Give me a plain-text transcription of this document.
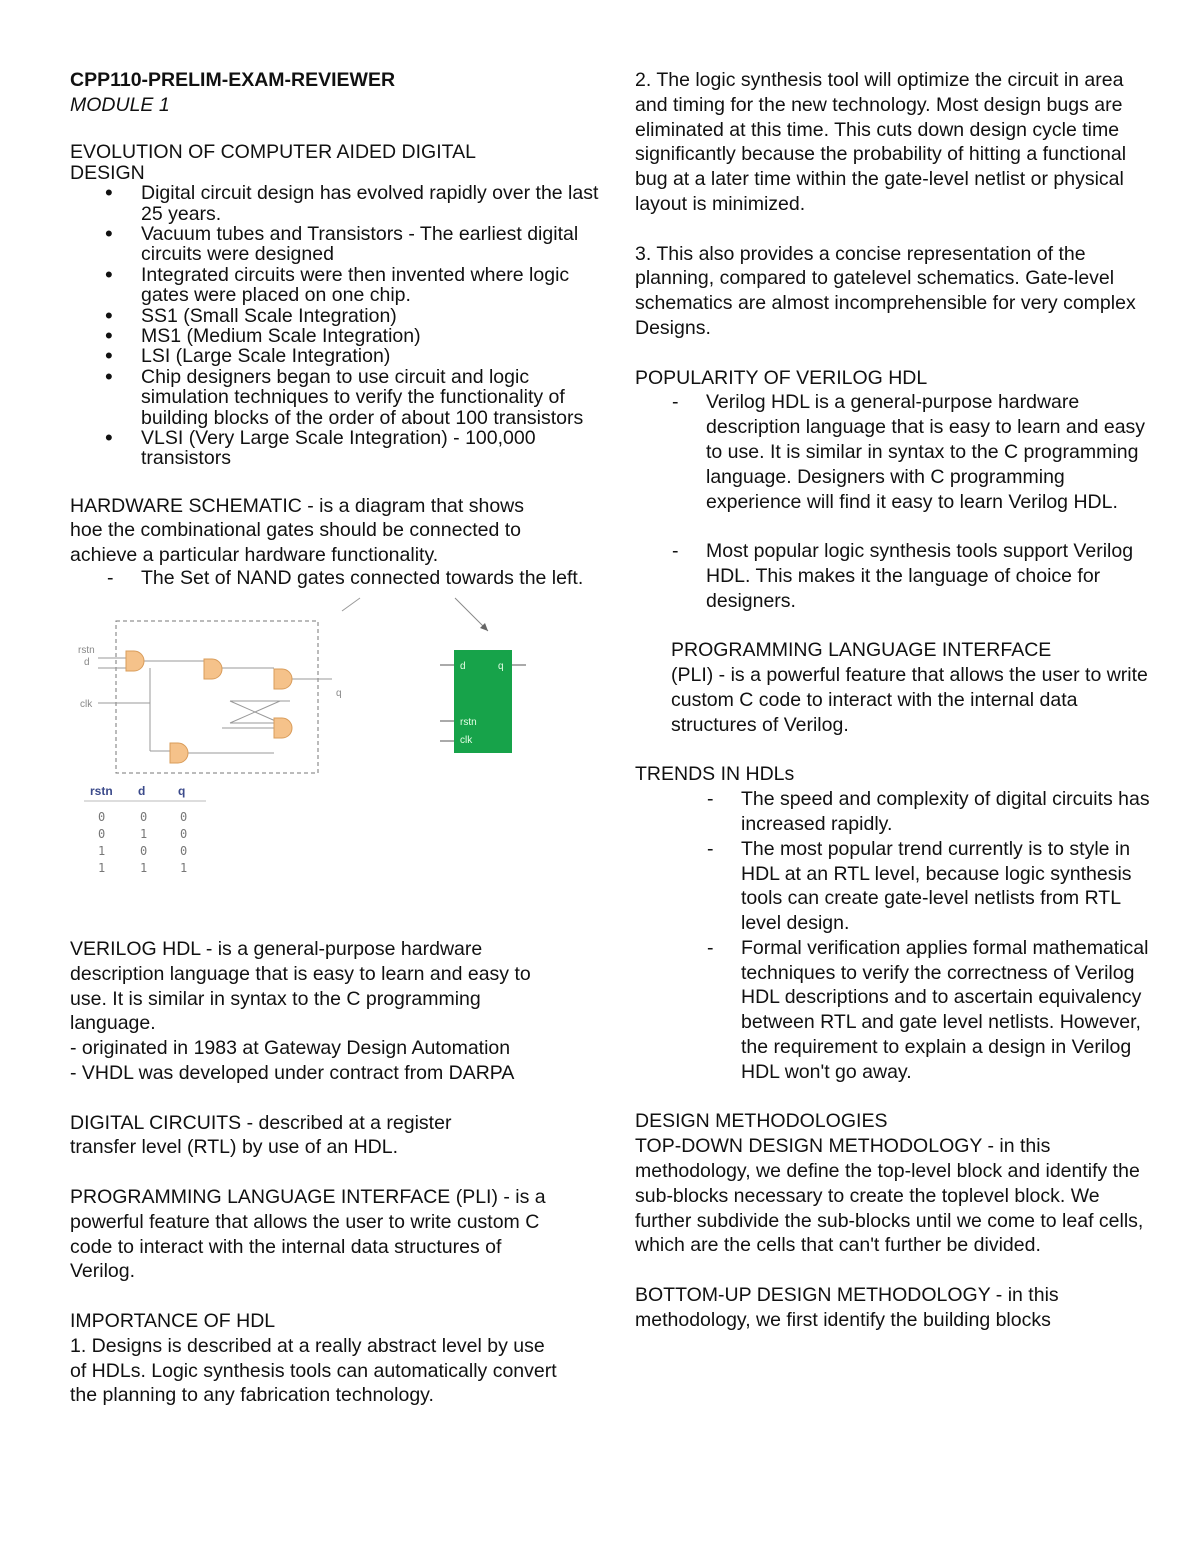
CPP110-PRELIM-EXAM-REVIEWER

MODULE 1

EVOLUTION OF COMPUTER AIDED DIGITAL
DESIGN

• Digital circuit design has evolved rapidly over the last 25 years.
• Vacuum tubes and Transistors - The earliest digital circuits were designed
• Integrated circuits were then invented where logic gates were placed on one chip.
• SS1 (Small Scale Integration)
• MS1 (Medium Scale Integration)
• LSI (Large Scale Integration)
• Chip designers began to use circuit and logic simulation techniques to verify the functionality of building blocks of the order of about 100 transistors
• VLSI (Very Large Scale Integration) - 100,000 transistors

HARDWARE SCHEMATIC - is a diagram that shows hoe the combinational gates should be connected to achieve a particular hardware functionality.

- The Set of NAND gates connected towards the left.
rstn
d
clk
q
d	q
rstn
clk
rstn d	q
0	0	0
0	1	0
1	0	0
1	1	1

VERILOG HDL - is a general-purpose hardware description language that is easy to learn and easy to use. It is similar in syntax to the C programming language.

- originated in 1983 at Gateway Design Automation

- VHDL was developed under contract from DARPA

DIGITAL CIRCUITS - described at a register transfer level (RTL) by use of an HDL.

PROGRAMMING LANGUAGE INTERFACE (PLI) - is a powerful feature that allows the user to write custom C code to interact with the internal data structures of Verilog.

IMPORTANCE OF HDL

1. Designs is described at a really abstract level by use of HDLs. Logic synthesis tools can automatically convert the planning to any fabrication technology.

2. The logic synthesis tool will optimize the circuit in area and timing for the new technology. Most design bugs are eliminated at this time. This cuts down design cycle time significantly because the probability of hitting a functional bug at a later time within the gate-level netlist or physical layout is minimized.

3. This also provides a concise representation of the planning, compared to gatelevel schematics. Gate-level schematics are almost incomprehensible for very complex Designs.

POPULARITY OF VERILOG HDL

- Verilog HDL is a general-purpose hardware description language that is easy to learn and easy to use. It is similar in syntax to the C programming language. Designers with C programming experience will find it easy to learn Verilog HDL.
- Most popular logic synthesis tools support Verilog HDL. This makes it the language of choice for designers.

PROGRAMMING LANGUAGE INTERFACE

(PLI) - is a powerful feature that allows the user to write custom C code to interact with the internal data structures of Verilog.

TRENDS IN HDLs

- The speed and complexity of digital circuits has increased rapidly.
- The most popular trend currently is to style in HDL at an RTL level, because logic synthesis tools can create gate-level netlists from RTL level design.
- Formal verification applies formal mathematical techniques to verify the correctness of Verilog HDL descriptions and to ascertain equivalency between RTL and gate level netlists. However, the requirement to explain a design in Verilog HDL won't go away.

DESIGN METHODOLOGIES

TOP-DOWN DESIGN METHODOLOGY - in this methodology, we define the top-level block and identify the sub-blocks necessary to create the toplevel block. We further subdivide the sub-blocks until we come to leaf cells, which are the cells that can't further be divided.

BOTTOM-UP DESIGN METHODOLOGY - in this methodology, we first identify the building blocks
